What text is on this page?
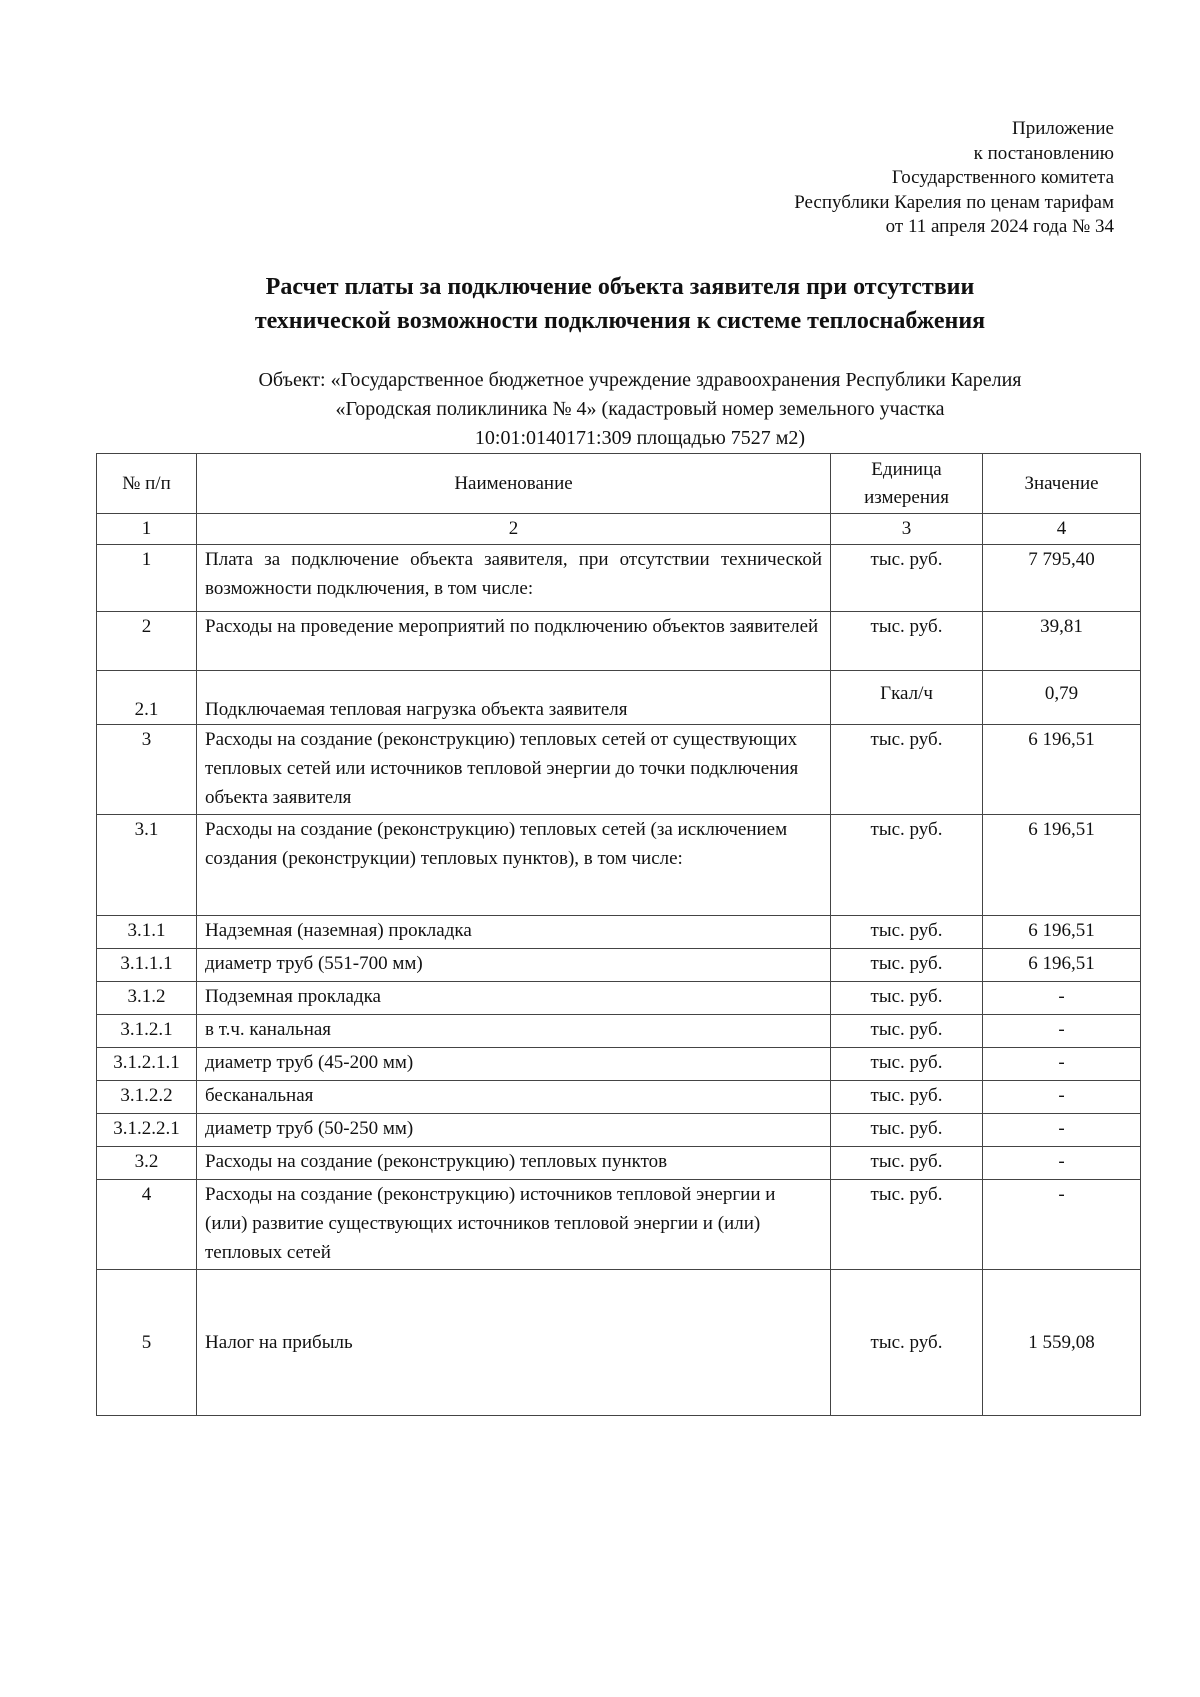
Приложение
к постановлению
Государственного комитета
Республики Карелия по ценам тарифам
от 11 апреля 2024 года № 34
Расчет платы за подключение объекта заявителя при отсутствии
технической возможности подключения к системе теплоснабжения
Объект: «Государственное бюджетное учреждение здравоохранения Республики Карелия
«Городская поликлиника № 4» (кадастровый номер земельного участка
10:01:0140171:309 площадью 7527 м2)
№ п/п	Наименование	Единица измерения	Значение
1	2	3	4
1	Плата за подключение объекта заявителя, при отсутствии технической возможности подключения, в том числе:	тыс. руб.	7 795,40
2	Расходы на проведение мероприятий по подключению объектов заявителей	тыс. руб.	39,81
2.1	Подключаемая тепловая нагрузка объекта заявителя	Гкал/ч	0,79
3	Расходы на создание (реконструкцию) тепловых сетей от существующих тепловых сетей или источников тепловой энергии до точки подключения объекта заявителя	тыс. руб.	6 196,51
3.1	Расходы на создание (реконструкцию) тепловых сетей (за исключением создания (реконструкции) тепловых пунктов), в том числе:	тыс. руб.	6 196,51
3.1.1	Надземная (наземная) прокладка	тыс. руб.	6 196,51
3.1.1.1	диаметр труб (551-700 мм)	тыс. руб.	6 196,51
3.1.2	Подземная прокладка	тыс. руб.	-
3.1.2.1	в т.ч. канальная	тыс. руб.	-
3.1.2.1.1	диаметр труб (45-200 мм)	тыс. руб.	-
3.1.2.2	бесканальная	тыс. руб.	-
3.1.2.2.1	диаметр труб (50-250 мм)	тыс. руб.	-
3.2	Расходы на создание (реконструкцию) тепловых пунктов	тыс. руб.	-
4	Расходы на создание (реконструкцию) источников тепловой энергии и (или) развитие существующих источников тепловой энергии и (или) тепловых сетей	тыс. руб.	-
5	Налог на прибыль	тыс. руб.	1 559,08
